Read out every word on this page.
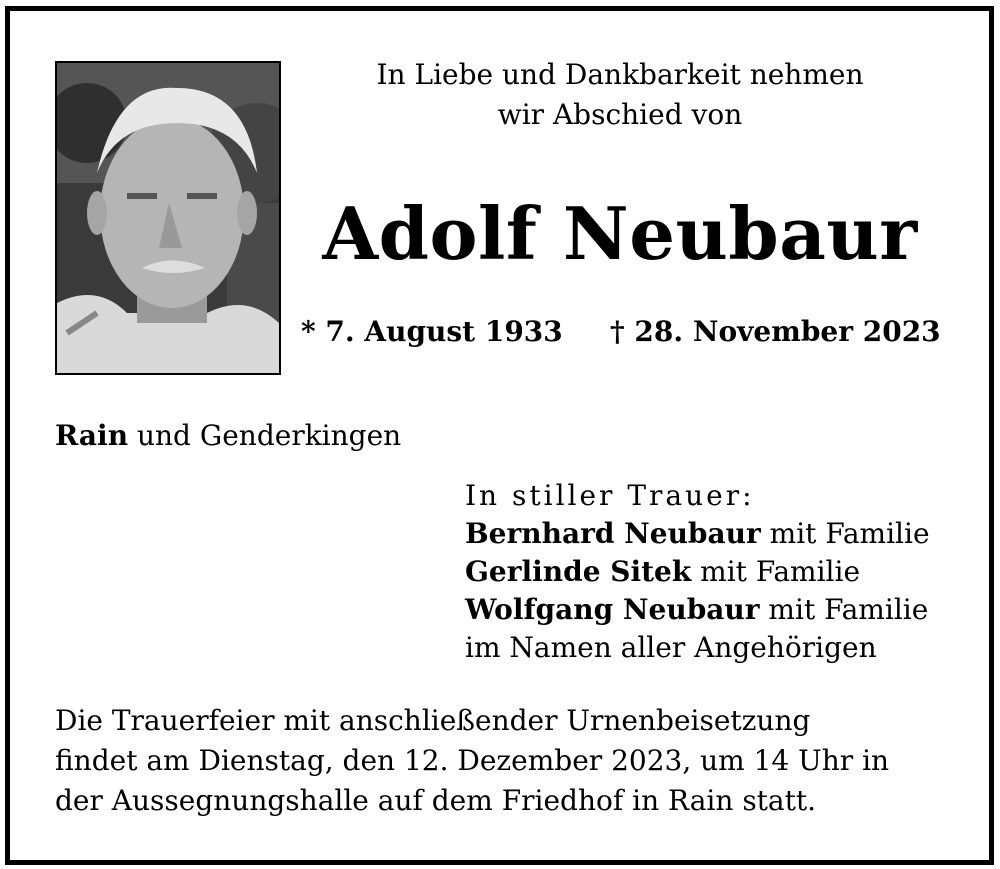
In Liebe und Dankbarkeit nehmen
wir Abschied von
Adolf Neubaur
* 7. August 1933 † 28. November 2023
Rain und Genderkingen
In stiller Trauer:
Bernhard Neubaur mit Familie
Gerlinde Sitek mit Familie
Wolfgang Neubaur mit Familie
im Namen aller Angehörigen
Die Trauerfeier mit anschließender Urnenbeisetzung
findet am Dienstag, den 12. Dezember 2023, um 14 Uhr in
der Aussegnungshalle auf dem Friedhof in Rain statt.
